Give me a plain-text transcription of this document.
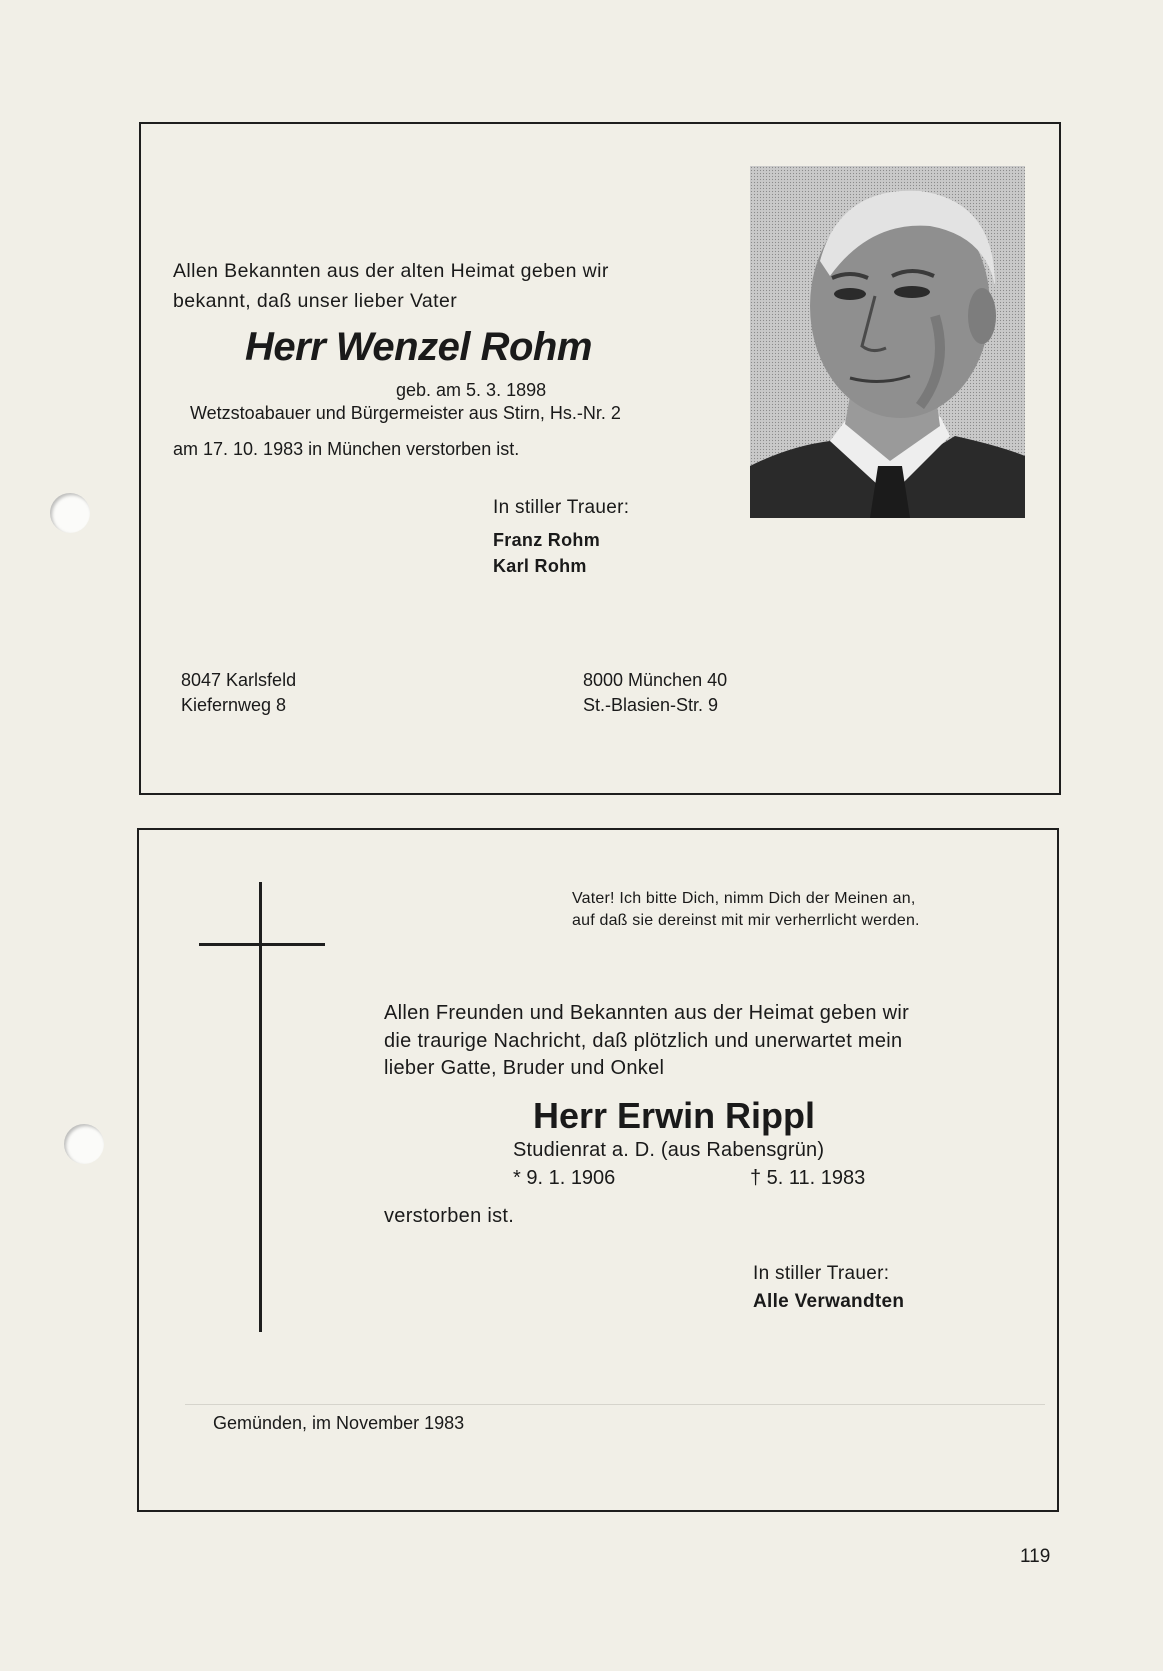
Allen Bekannten aus der alten Heimat geben wir
bekannt, daß unser lieber Vater
Herr Wenzel Rohm
geb. am 5. 3. 1898
Wetzstoabauer und Bürgermeister aus Stirn, Hs.-Nr. 2
am 17. 10. 1983 in München verstorben ist.
In stiller Trauer:
Franz Rohm
Karl Rohm
8047 Karlsfeld
Kiefernweg 8
8000 München 40
St.-Blasien-Str. 9
Vater! Ich bitte Dich, nimm Dich der Meinen an,
auf daß sie dereinst mit mir verherrlicht werden.
Allen Freunden und Bekannten aus der Heimat geben wir
die traurige Nachricht, daß plötzlich und unerwartet mein
lieber Gatte, Bruder und Onkel
Herr Erwin Rippl
Studienrat a. D. (aus Rabensgrün)
* 9. 1. 1906	† 5. 11. 1983
verstorben ist.
In stiller Trauer:
Alle Verwandten
Gemünden, im November 1983
119
